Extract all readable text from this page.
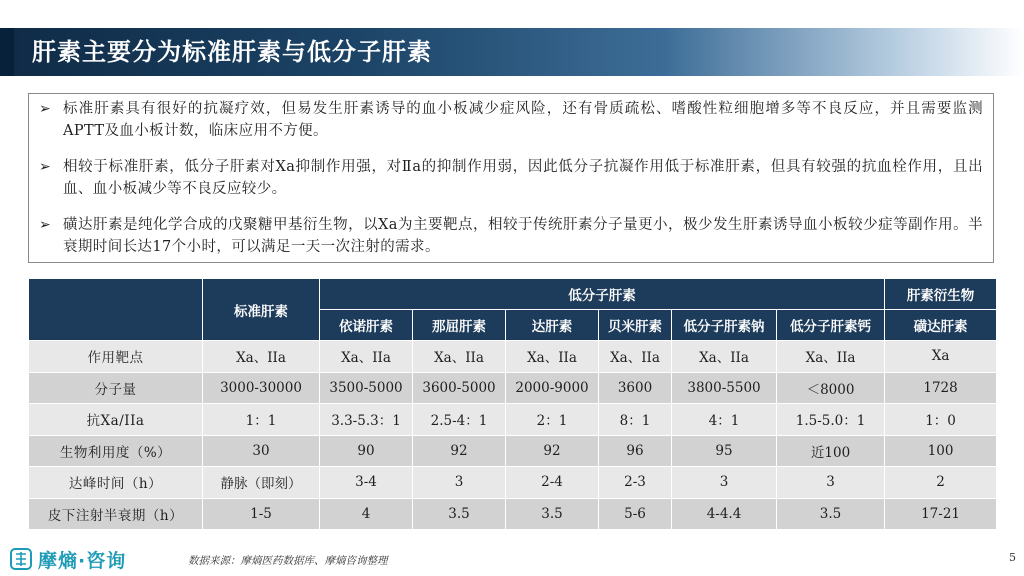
肝素主要分为标准肝素与低分子肝素
➢ 标准肝素具有很好的抗凝疗效，但易发生肝素诱导的血小板减少症风险，还有骨质疏松、嗜酸性粒细胞增多等不良反应，并且需要监测APTT及血小板计数，临床应用不方便。
➢ 相较于标准肝素，低分子肝素对Xa抑制作用强，对Ⅱa的抑制作用弱，因此低分子抗凝作用低于标准肝素，但具有较强的抗血栓作用，且出血、血小板减少等不良反应较少。
➢ 磺达肝素是纯化学合成的戊聚糖甲基衍生物，以Xa为主要靶点，相较于传统肝素分子量更小，极少发生肝素诱导血小板较少症等副作用。半衰期时间长达17个小时，可以满足一天一次注射的需求。
	标准肝素	低分子肝素						肝素衍生物
		依诺肝素	那屈肝素	达肝素	贝米肝素	低分子肝素钠	低分子肝素钙	磺达肝素
作用靶点	Xa、IIa	Xa、IIa	Xa、IIa	Xa、IIa	Xa、IIa	Xa、IIa	Xa、IIa	Xa
分子量	3000-30000	3500-5000	3600-5000	2000-9000	3600	3800-5500	＜8000	1728
抗Xa/IIa	1：1	3.3-5.3：1	2.5-4：1	2：1	8：1	4：1	1.5-5.0：1	1：0
生物利用度（%）	30	90	92	92	96	95	近100	100
达峰时间（h）	静脉（即刻）	3-4	3	2-4	2-3	3	3	2
皮下注射半衰期（h）	1-5	4	3.5	3.5	5-6	4-4.4	3.5	17-21
摩熵·咨询	数据来源：摩熵医药数据库、摩熵咨询整理	5
